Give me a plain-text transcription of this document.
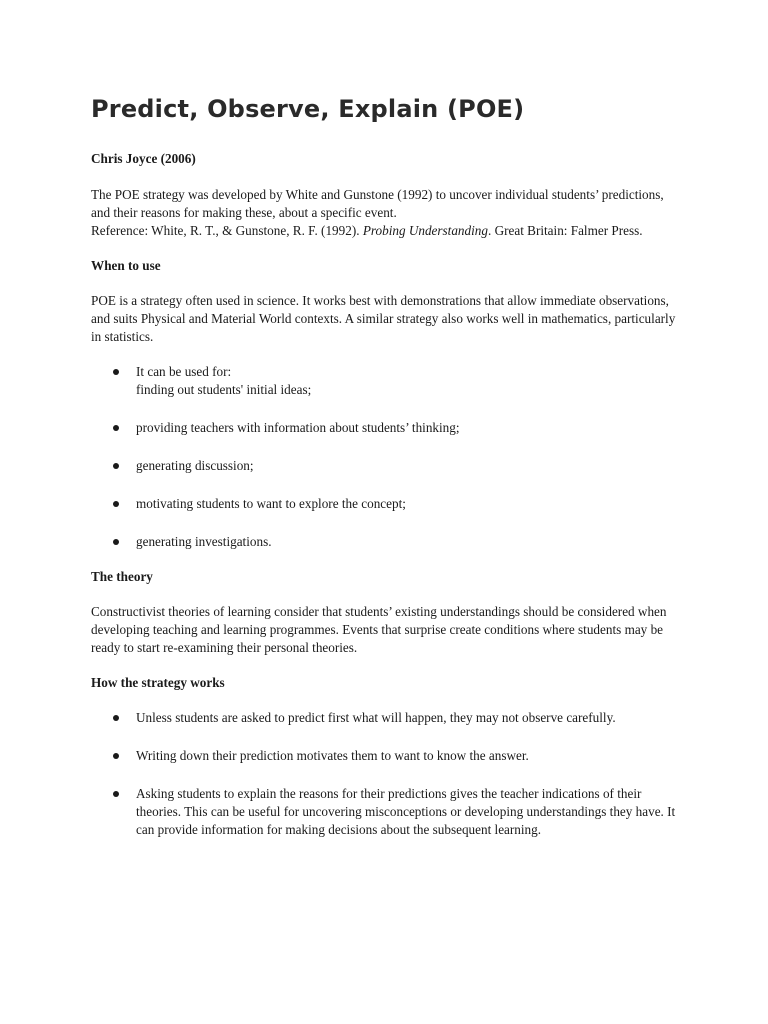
Predict, Observe, Explain (POE)
Chris Joyce (2006)

The POE strategy was developed by White and Gunstone (1992) to uncover individual students’ predictions, and their reasons for making these, about a specific event.
Reference: White, R. T., & Gunstone, R. F. (1992). Probing Understanding. Great Britain: Falmer Press.

When to use

POE is a strategy often used in science. It works best with demonstrations that allow immediate observations, and suits Physical and Material World contexts. A similar strategy also works well in mathematics, particularly in statistics.

It can be used for:
finding out students' initial ideas;
providing teachers with information about students’ thinking;
generating discussion;
motivating students to want to explore the concept;
generating investigations.
The theory

Constructivist theories of learning consider that students’ existing understandings should be considered when developing teaching and learning programmes. Events that surprise create conditions where students may be ready to start re-examining their personal theories.

How the strategy works
Unless students are asked to predict first what will happen, they may not observe carefully.
Writing down their prediction motivates them to want to know the answer.
Asking students to explain the reasons for their predictions gives the teacher indications of their theories. This can be useful for uncovering misconceptions or developing understandings they have. It can provide information for making decisions about the subsequent learning.
